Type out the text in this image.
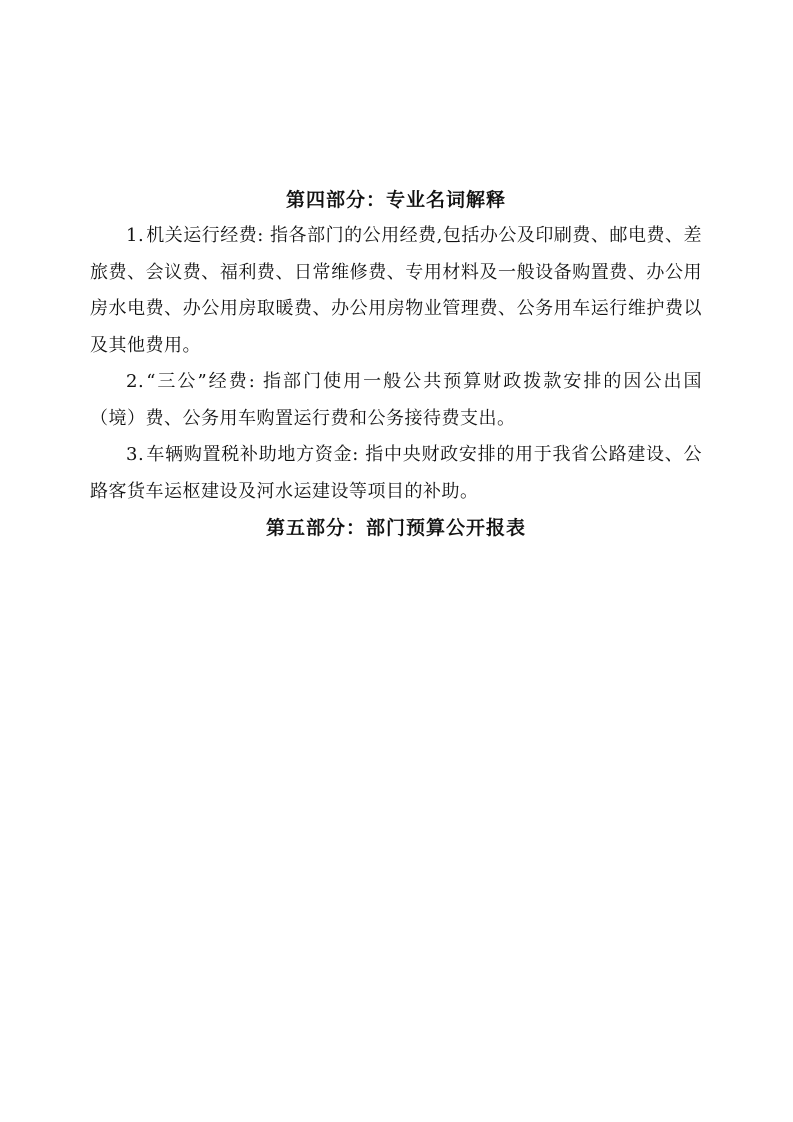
第四部分：专业名词解释

1. 机关运行经费: 指各部门的公用经费,包括办公及印刷费、邮电费、差旅费、会议费、福利费、日常维修费、专用材料及一般设备购置费、办公用房水电费、办公用房取暖费、办公用房物业管理费、公务用车运行维护费以及其他费用。

2. “三公”经费: 指部门使用一般公共预算财政拨款安排的因公出国（境）费、公务用车购置运行费和公务接待费支出。

3. 车辆购置税补助地方资金: 指中央财政安排的用于我省公路建设、公路客货车运枢建设及河水运建设等项目的补助。

第五部分：部门预算公开报表
